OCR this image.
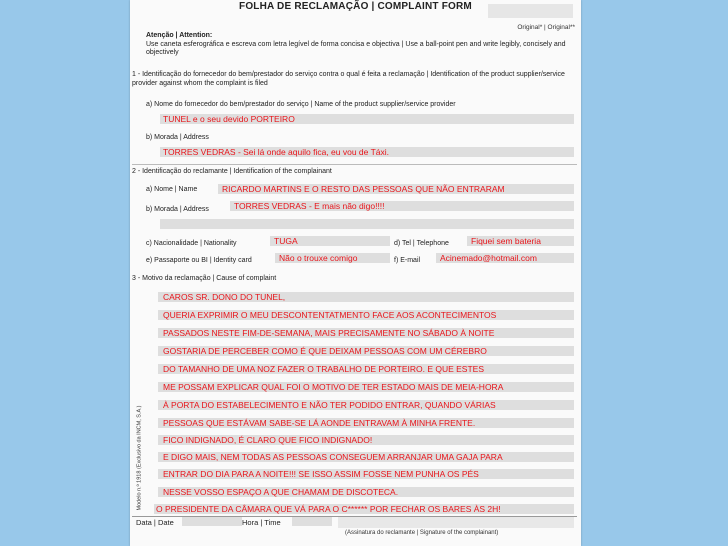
FOLHA DE RECLAMAÇÃO | COMPLAINT FORM
Original* | Original**
Atenção | Attention:
Use caneta esferográfica e escreva com letra legível de forma concisa e objectiva | Use a ball-point pen and write legibly, concisely and objectively
1 - Identificação do fornecedor do bem/prestador do serviço contra o qual é feita a reclamação | Identification of the product supplier/service provider against whom the complaint is filed
a) Nome do fornecedor do bem/prestador do serviço | Name of the product supplier/service provider
TUNEL e o seu devido PORTEIRO
b) Morada | Address
TORRES VEDRAS - Sei lá onde aquilo fica, eu vou de Táxi.
2 - Identificação do reclamante | Identification of the complainant
a) Nome | Name	RICARDO MARTINS E O RESTO DAS PESSOAS QUE NÃO ENTRARAM
b) Morada | Address	TORRES VEDRAS - E mais não digo!!!!
c) Nacionalidade | Nationality	TUGA	d) Tel | Telephone	Fiquei sem bateria
e) Passaporte ou BI | Identity card	Não o trouxe comigo	f) E-mail Acinemado@hotmail.com
3 - Motivo da reclamação | Cause of complaint
CAROS SR. DONO DO TUNEL,
QUERIA EXPRIMIR O MEU DESCONTENTATMENTO FACE AOS ACONTECIMENTOS
PASSADOS NESTE FIM-DE-SEMANA, MAIS PRECISAMENTE NO SÁBADO À NOITE
GOSTARIA DE PERCEBER COMO É QUE DEIXAM PESSOAS COM UM CÉREBRO
DO TAMANHO DE UMA NOZ FAZER O TRABALHO DE PORTEIRO. E QUE ESTES
ME POSSAM EXPLICAR QUAL FOI O MOTIVO DE TER ESTADO MAIS DE MEIA-HORA
À PORTA DO ESTABELECIMENTO E NÃO TER PODIDO ENTRAR, QUANDO VÁRIAS
PESSOAS QUE ESTÁVAM SABE-SE LÁ AONDE ENTRAVAM À MINHA FRENTE.
FICO INDIGNADO, É CLARO QUE FICO INDIGNADO!
E DIGO MAIS, NEM TODAS AS PESSOAS CONSEGUEM ARRANJAR UMA GAJA PARA
ENTRAR DO DIA PARA A NOITE!!! SE ISSO ASSIM FOSSE NEM PUNHA OS PÉS
NESSE VOSSO ESPAÇO A QUE CHAMAM DE DISCOTECA.
O PRESIDENTE DA CÂMARA QUE VÁ PARA O C****** POR FECHAR OS BARES ÀS 2H!
Modelo n.º 1918 (Exclusivo da INCM, S.A.)
Data | Date	Hora | Time
(Assinatura do reclamante | Signature of the complainant)
